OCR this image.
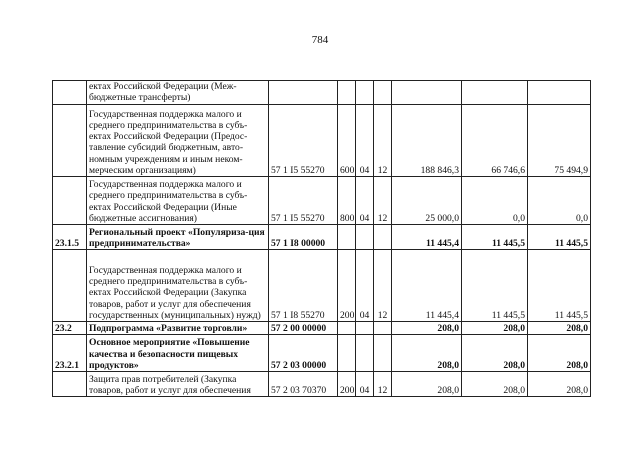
784
	ектах Российской Федерации (Меж-бюджетные трансферты)							
	Государственная поддержка малого и среднего предпринимательства в субъ-ектах Российской Федерации (Предос-тавление субсидий бюджетным, авто-номным учреждениям и иным неком-мерческим организациям)	57 1 I5 55270	600	04	12	188 846,3	66 746,6	75 494,9
	Государственная поддержка малого и среднего предпринимательства в субъ-ектах Российской Федерации (Иные бюджетные ассигнования)	57 1 I5 55270	800	04	12	25 000,0	0,0	0,0
23.1.5	Региональный проект «Популяриза-ция предпринимательства»	57 1 I8 00000				11 445,4	11 445,5	11 445,5
	Государственная поддержка малого и среднего предпринимательства в субъ-ектах Российской Федерации (Закупка товаров, работ и услуг для обеспечения государственных (муниципальных) нужд)	57 1 I8 55270	200	04	12	11 445,4	11 445,5	11 445,5
23.2	Подпрограмма «Развитие торговли»	57 2 00 00000				208,0	208,0	208,0
23.2.1	Основное мероприятие «Повышение качества и безопасности пищевых продуктов»	57 2 03 00000				208,0	208,0	208,0
	Защита прав потребителей (Закупка товаров, работ и услуг для обеспечения	57 2 03 70370	200	04	12	208,0	208,0	208,0
